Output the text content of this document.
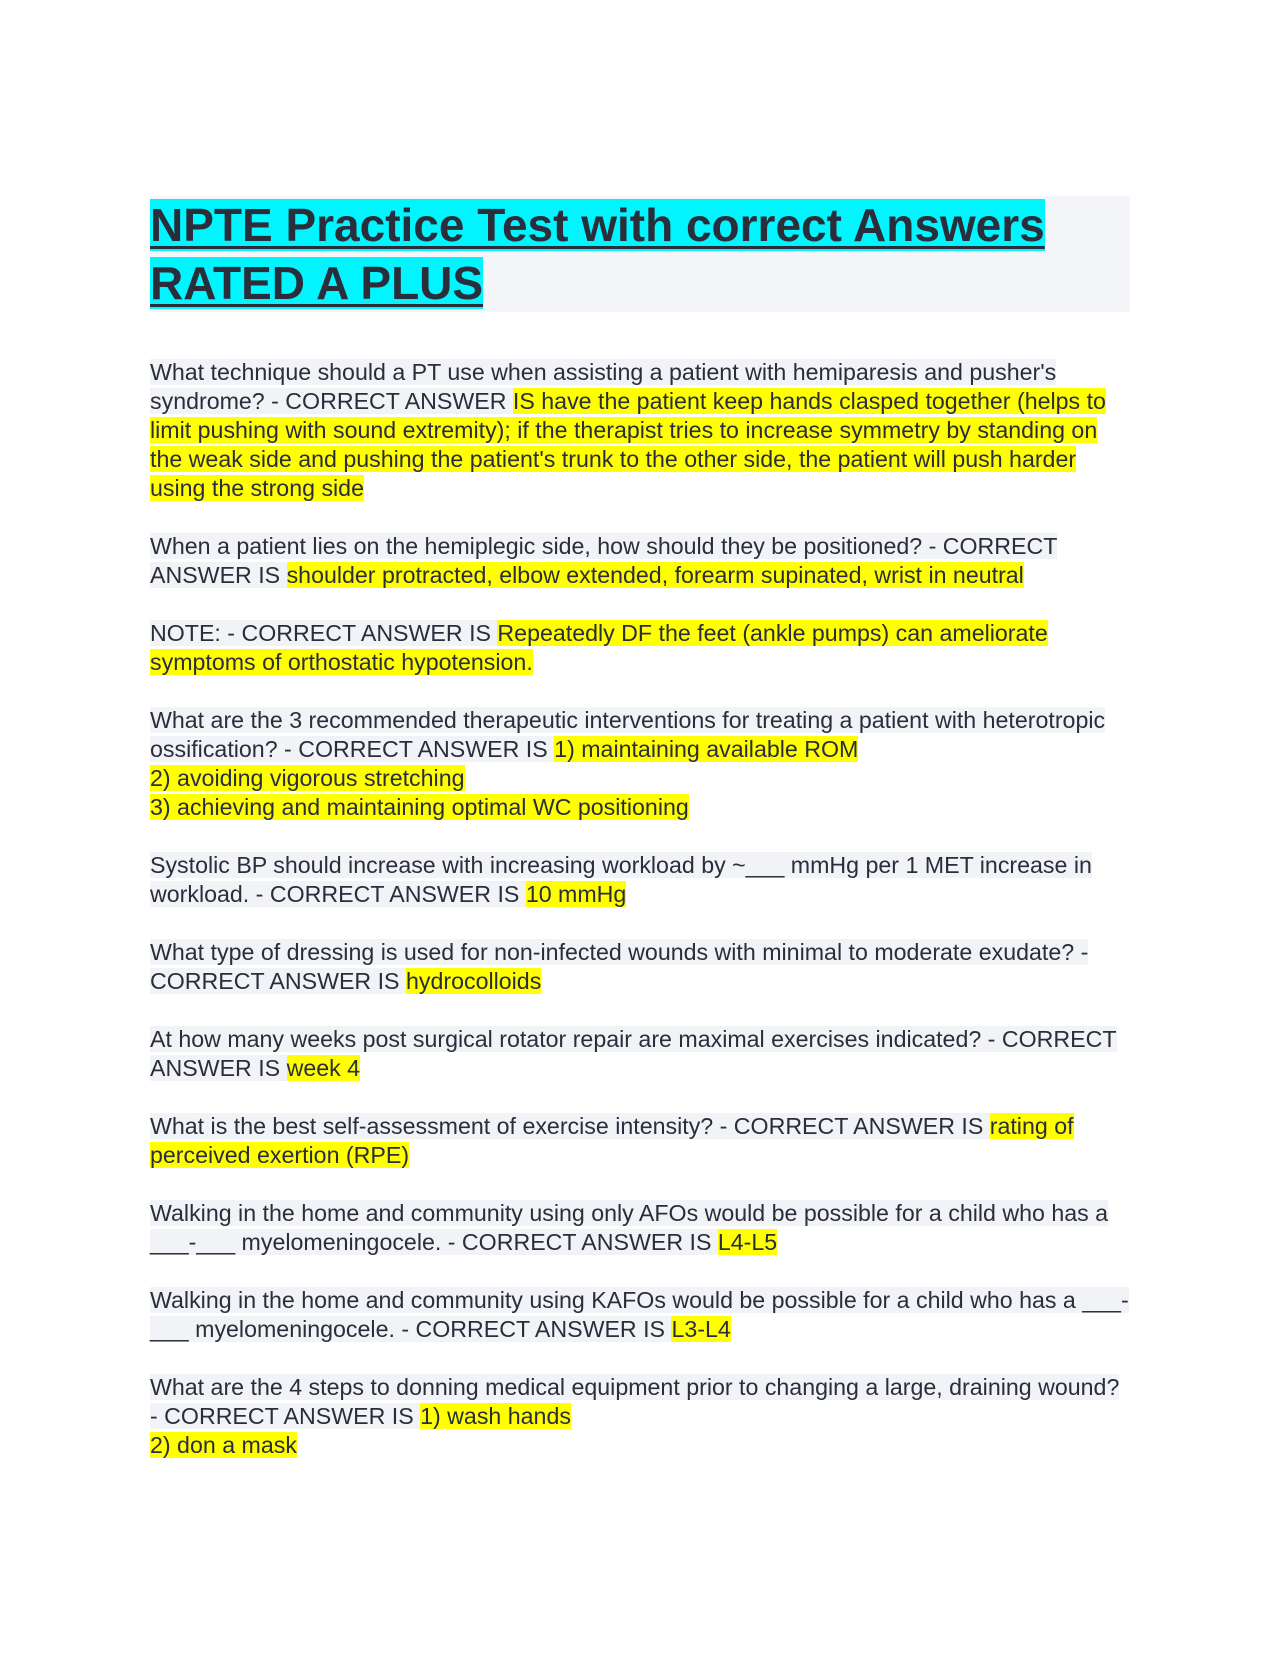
NPTE Practice Test with correct Answers RATED A PLUS

What technique should a PT use when assisting a patient with hemiparesis and pusher's syndrome? - CORRECT ANSWER IS have the patient keep hands clasped together (helps to limit pushing with sound extremity); if the therapist tries to increase symmetry by standing on the weak side and pushing the patient's trunk to the other side, the patient will push harder using the strong side

When a patient lies on the hemiplegic side, how should they be positioned? - CORRECT ANSWER IS shoulder protracted, elbow extended, forearm supinated, wrist in neutral

NOTE: - CORRECT ANSWER IS Repeatedly DF the feet (ankle pumps) can ameliorate symptoms of orthostatic hypotension.

What are the 3 recommended therapeutic interventions for treating a patient with heterotropic ossification? - CORRECT ANSWER IS 1) maintaining available ROM
2) avoiding vigorous stretching
3) achieving and maintaining optimal WC positioning

Systolic BP should increase with increasing workload by ~___ mmHg per 1 MET increase in workload. - CORRECT ANSWER IS 10 mmHg

What type of dressing is used for non-infected wounds with minimal to moderate exudate? - CORRECT ANSWER IS hydrocolloids

At how many weeks post surgical rotator repair are maximal exercises indicated? - CORRECT ANSWER IS week 4

What is the best self-assessment of exercise intensity? - CORRECT ANSWER IS rating of perceived exertion (RPE)

Walking in the home and community using only AFOs would be possible for a child who has a ___-___ myelomeningocele. - CORRECT ANSWER IS L4-L5

Walking in the home and community using KAFOs would be possible for a child who has a ___-___ myelomeningocele. - CORRECT ANSWER IS L3-L4

What are the 4 steps to donning medical equipment prior to changing a large, draining wound? - CORRECT ANSWER IS 1) wash hands
2) don a mask
